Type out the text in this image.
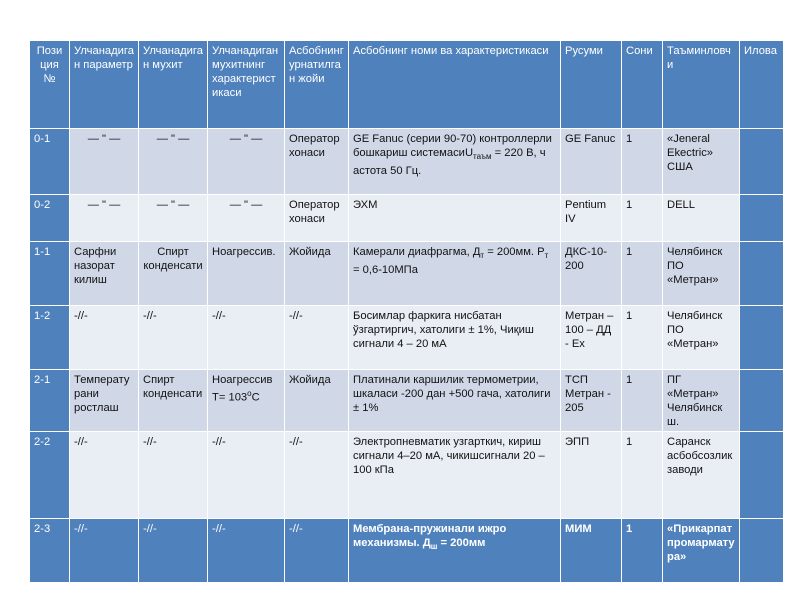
Позиция №	Улчанадиган параметр	Улчанадиган мухит	Улчанадиган мухитнинг характеристикаси	Асбобнинг урнатилган жойи	Асбобнинг номи ва характеристикаси	Русуми	Сони	Таъминловчи	Илова
0-1	— " —	— " —	— " —	Оператор хонаси	GE Fanuc (серии 90-70) контроллерли бошкариш системасиU$_{таъм}$ = 220 В, ч астота 50 Гц.	GE Fanuc	1	«Jeneral Ekectric» США	
0-2	— " —	— " —	— " —	Оператор хонаси	ЭХМ	Pentium IV	1	DELL	
1-1	Сарфни назорат килиш	Спирт конденсати	Ноагрессив.	Жойида	Камерали диафрагма, $Д_т = 200мм$. $P_т = 0,6-10МПа$	ДКС-10-200	1	Челябинск ПО «Метран»	
1-2	-//-	-//-	-//-	-//-	Босимлар фаркига нисбатан ўзгартиргич, хатолиги ± 1%, Чиқиш сигнали 4 – 20 мА	Метран – 100 – ДД - Ех	1	Челябинск ПО «Метран»	
2-1	Температурани ростлаш	Спирт конденсати	Ноагрессив $T= 103^oC$	Жойида	Платинали каршилик термометрии, шкаласи -200 дан +500 гача, хатолиги ± 1%	ТСП Метран - 205	1	ПГ «Метран» Челябинск ш.	
2-2	-//-	-//-	-//-	-//-	Электропневматик узгарткич, кириш сигнали 4–20 мА, чикишсигнали 20 – 100 кПа	ЭПП	1	Саранск асбобсозлик заводи	
2-3	-//-	-//-	-//-	-//-	Мембрана-пружинали ижро механизмы. $Д_ш = 200мм$	МИМ	1	«Прикарпатпромарматура»	
